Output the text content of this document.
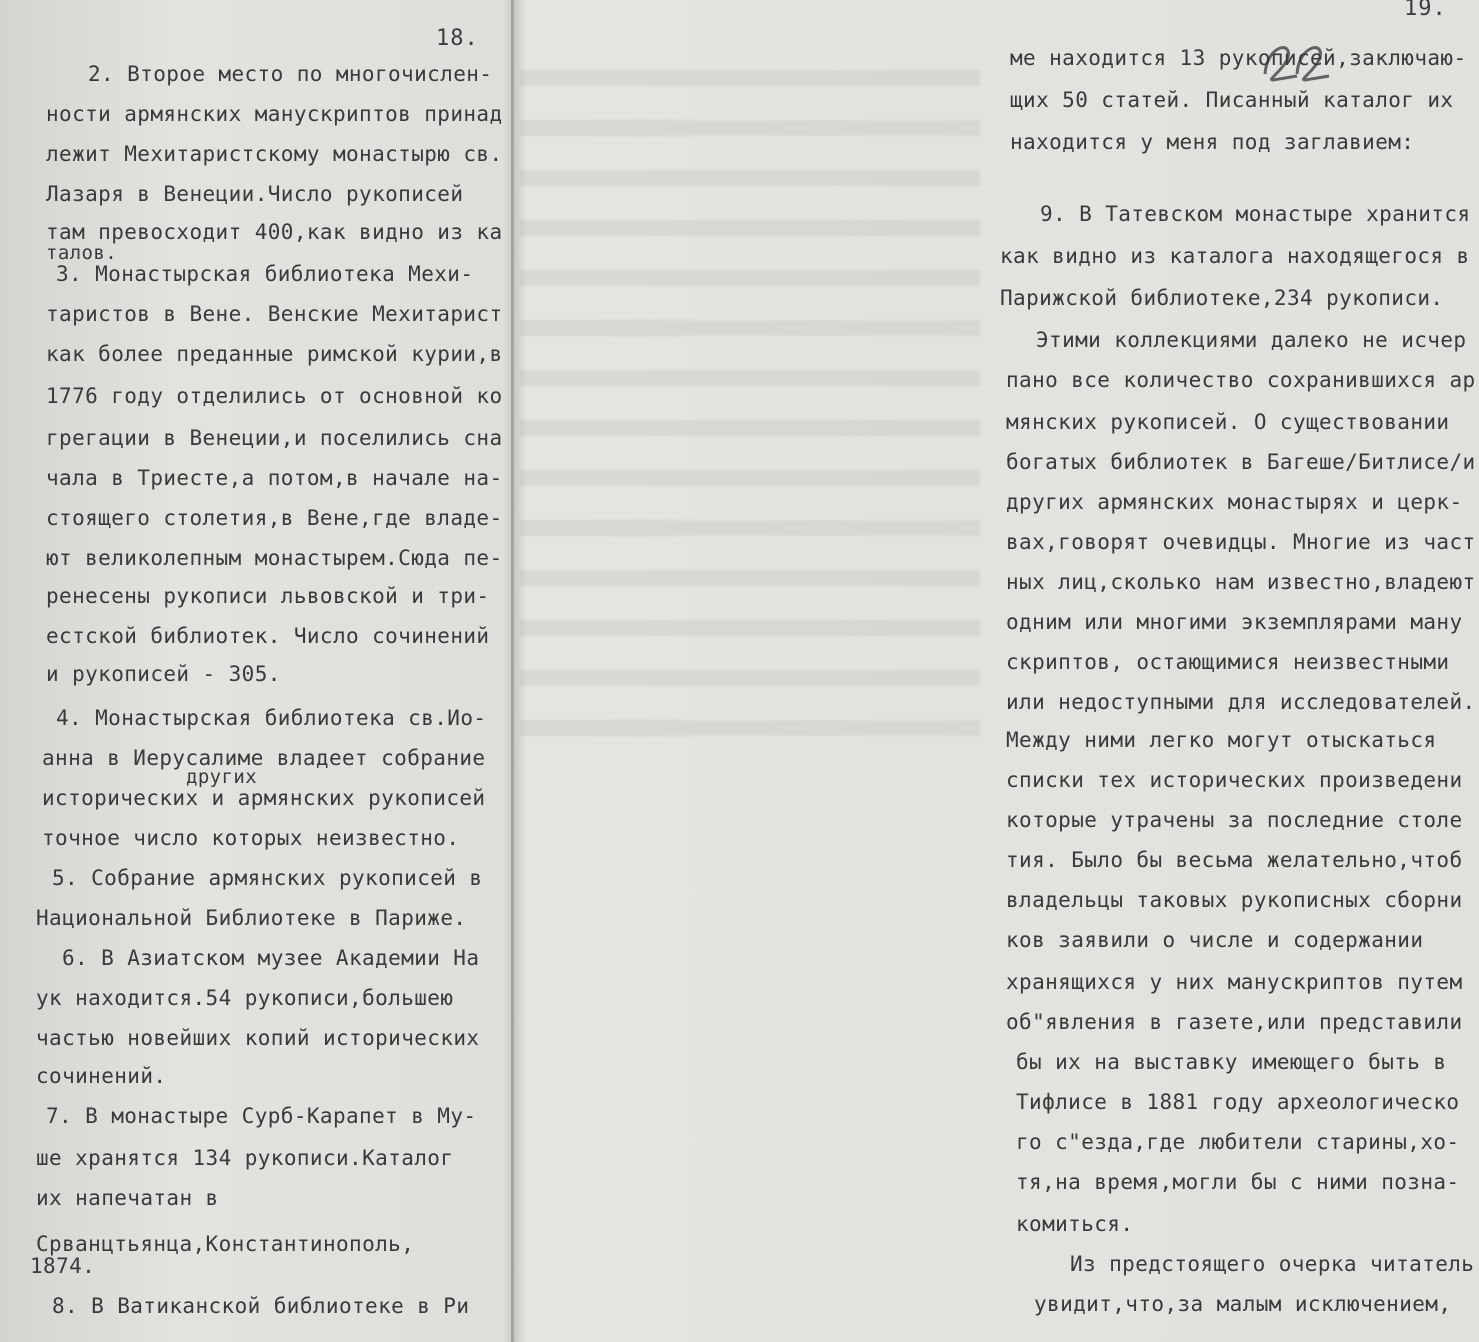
18.
19.
2. Второе место по многочислен-
ности армянских манускриптов принад
лежит Мехитаристскому монастырю св.
Лазаря в Венеции.Число рукописей
там превосходит 400,как видно из ка
талов.
3. Монастырская библиотека Мехи-
таристов в Вене. Венские Мехитарист
как более преданные римской курии,в
1776 году отделились от основной ко
грегации в Венеции,и поселились сна
чала в Триесте,а потом,в начале на-
стоящего столетия,в Вене,где владе-
ют великолепным монастырем.Сюда пе-
ренесены рукописи львовской и три-
естской библиотек. Число сочинений
и рукописей - 305.
4. Монастырская библиотека св.Ио-
анна в Иерусалиме владеет собрание
других
исторических и армянских рукописей
точное число которых неизвестно.
5. Собрание армянских рукописей в
Национальной Библиотеке в Париже.
6. В Азиатском музее Академии На
ук находится.54 рукописи,большею
частью новейших копий исторических
сочинений.
7. В монастыре Сурб-Карапет в Му-
ше хранятся 134 рукописи.Каталог
их напечатан в
Срванцтьянца,Константинополь,
1874.
8. В Ватиканской библиотеке в Ри
ме находится 13 рукописей,заключаю-
щих 50 статей. Писанный каталог их
находится у меня под заглавием:
9. В Татевском монастыре хранится
как видно из каталога находящегося в
Парижской библиотеке,234 рукописи.
Этими коллекциями далеко не исчер
пано все количество сохранившихся ар
мянских рукописей. О существовании
богатых библиотек в Багеше/Битлисе/и
других армянских монастырях и церк-
вах,говорят очевидцы. Многие из част
ных лиц,сколько нам известно,владеют
одним или многими экземплярами ману
скриптов, остающимися неизвестными
или недоступными для исследователей.
Между ними легко могут отыскаться
списки тех исторических произведени
которые утрачены за последние столе
тия. Было бы весьма желательно,чтоб
владельцы таковых рукописных сборни
ков заявили о числе и содержании
хранящихся у них манускриптов путем
об"явления в газете,или представили
бы их на выставку имеющего быть в
Тифлисе в 1881 году археологическо
го с"езда,где любители старины,хо-
тя,на время,могли бы с ними позна-
комиться.
Из предстоящего очерка читатель
увидит,что,за малым исключением,
